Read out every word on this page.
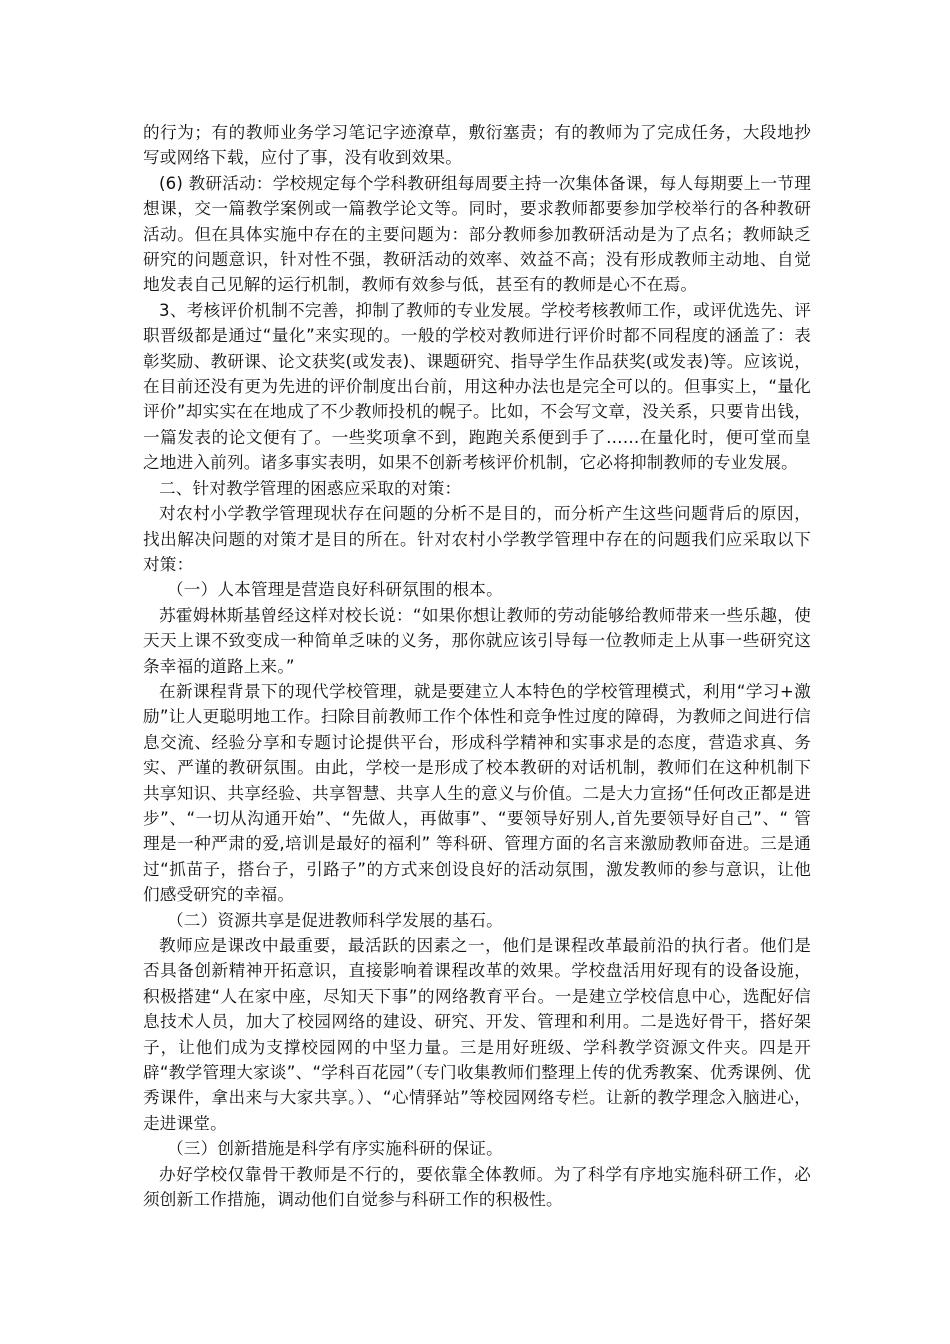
的行为；有的教师业务学习笔记字迹潦草，敷衍塞责；有的教师为了完成任务，大段地抄写或网络下载，应付了事，没有收到效果。

(6) 教研活动：学校规定每个学科教研组每周要主持一次集体备课，每人每期要上一节理想课，交一篇教学案例或一篇教学论文等。同时，要求教师都要参加学校举行的各种教研活动。但在具体实施中存在的主要问题为：部分教师参加教研活动是为了点名；教师缺乏研究的问题意识，针对性不强，教研活动的效率、效益不高；没有形成教师主动地、自觉地发表自己见解的运行机制，教师有效参与低，甚至有的教师是心不在焉。

3、考核评价机制不完善，抑制了教师的专业发展。学校考核教师工作，或评优选先、评职晋级都是通过“量化”来实现的。一般的学校对教师进行评价时都不同程度的涵盖了：表彰奖励、教研课、论文获奖(或发表)、课题研究、指导学生作品获奖(或发表)等。应该说，在目前还没有更为先进的评价制度出台前，用这种办法也是完全可以的。但事实上，“量化评价”却实实在在地成了不少教师投机的幌子。比如，不会写文章，没关系，只要肯出钱，一篇发表的论文便有了。一些奖项拿不到，跑跑关系便到手了……在量化时，便可堂而皇之地进入前列。诸多事实表明，如果不创新考核评价机制，它必将抑制教师的专业发展。

二、针对教学管理的困惑应采取的对策：

对农村小学教学管理现状存在问题的分析不是目的，而分析产生这些问题背后的原因，找出解决问题的对策才是目的所在。针对农村小学教学管理中存在的问题我们应采取以下对策：

（一）人本管理是营造良好科研氛围的根本。

苏霍姆林斯基曾经这样对校长说：“如果你想让教师的劳动能够给教师带来一些乐趣，使天天上课不致变成一种简单乏味的义务，那你就应该引导每一位教师走上从事一些研究这条幸福的道路上来。”

在新课程背景下的现代学校管理，就是要建立人本特色的学校管理模式，利用“学习+激励”让人更聪明地工作。扫除目前教师工作个体性和竞争性过度的障碍，为教师之间进行信息交流、经验分享和专题讨论提供平台，形成科学精神和实事求是的态度，营造求真、务实、严谨的教研氛围。由此，学校一是形成了校本教研的对话机制，教师们在这种机制下共享知识、共享经验、共享智慧、共享人生的意义与价值。二是大力宣扬“任何改正都是进步”、“一切从沟通开始”、“先做人，再做事”、“要领导好别人,首先要领导好自己”、“ 管理是一种严肃的爱,培训是最好的福利” 等科研、管理方面的名言来激励教师奋进。三是通过“抓苗子，搭台子，引路子”的方式来创设良好的活动氛围，激发教师的参与意识，让他们感受研究的幸福。

（二）资源共享是促进教师科学发展的基石。

教师应是课改中最重要，最活跃的因素之一，他们是课程改革最前沿的执行者。他们是否具备创新精神开拓意识，直接影响着课程改革的效果。学校盘活用好现有的设备设施，积极搭建“人在家中座，尽知天下事”的网络教育平台。一是建立学校信息中心，选配好信息技术人员，加大了校园网络的建设、研究、开发、管理和利用。二是选好骨干，搭好架子，让他们成为支撑校园网的中坚力量。三是用好班级、学科教学资源文件夹。四是开辟“教学管理大家谈”、“学科百花园”（专门收集教师们整理上传的优秀教案、优秀课例、优秀课件，拿出来与大家共享。）、“心情驿站”等校园网络专栏。让新的教学理念入脑进心，走进课堂。

（三）创新措施是科学有序实施科研的保证。

办好学校仅靠骨干教师是不行的，要依靠全体教师。为了科学有序地实施科研工作，必须创新工作措施，调动他们自觉参与科研工作的积极性。
